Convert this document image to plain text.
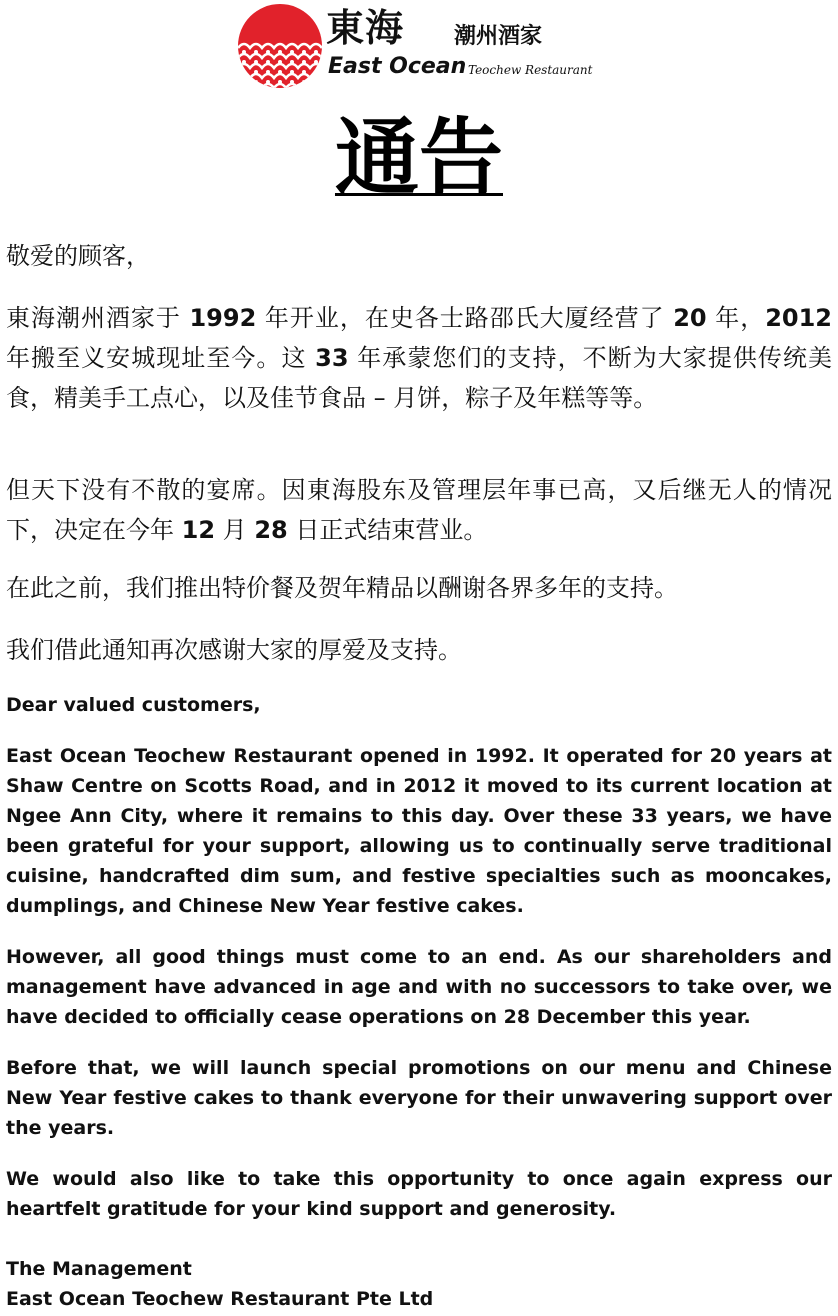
東海 潮州酒家
East Ocean Teochew Restaurant
通告

敬爱的顾客，

東海潮州酒家于 1992 年开业，在史各士路邵氏大厦经营了 20 年，2012 年搬至义安城现址至今。这 33 年承蒙您们的支持，不断为大家提供传统美食，精美手工点心，以及佳节食品 – 月饼，粽子及年糕等等。

但天下没有不散的宴席。因東海股东及管理层年事已高，又后继无人的情况下，决定在今年 12 月 28 日正式结束营业。

在此之前，我们推出特价餐及贺年精品以酬谢各界多年的支持。

我们借此通知再次感谢大家的厚爱及支持。

Dear valued customers,

East Ocean Teochew Restaurant opened in 1992. It operated for 20 years at Shaw Centre on Scotts Road, and in 2012 it moved to its current location at Ngee Ann City, where it remains to this day. Over these 33 years, we have been grateful for your support, allowing us to continually serve traditional cuisine, handcrafted dim sum, and festive specialties such as mooncakes, dumplings, and Chinese New Year festive cakes.

However, all good things must come to an end. As our shareholders and management have advanced in age and with no successors to take over, we have decided to officially cease operations on 28 December this year.

Before that, we will launch special promotions on our menu and Chinese New Year festive cakes to thank everyone for their unwavering support over the years.

We would also like to take this opportunity to once again express our heartfelt gratitude for your kind support and generosity.

The Management

East Ocean Teochew Restaurant Pte Ltd
